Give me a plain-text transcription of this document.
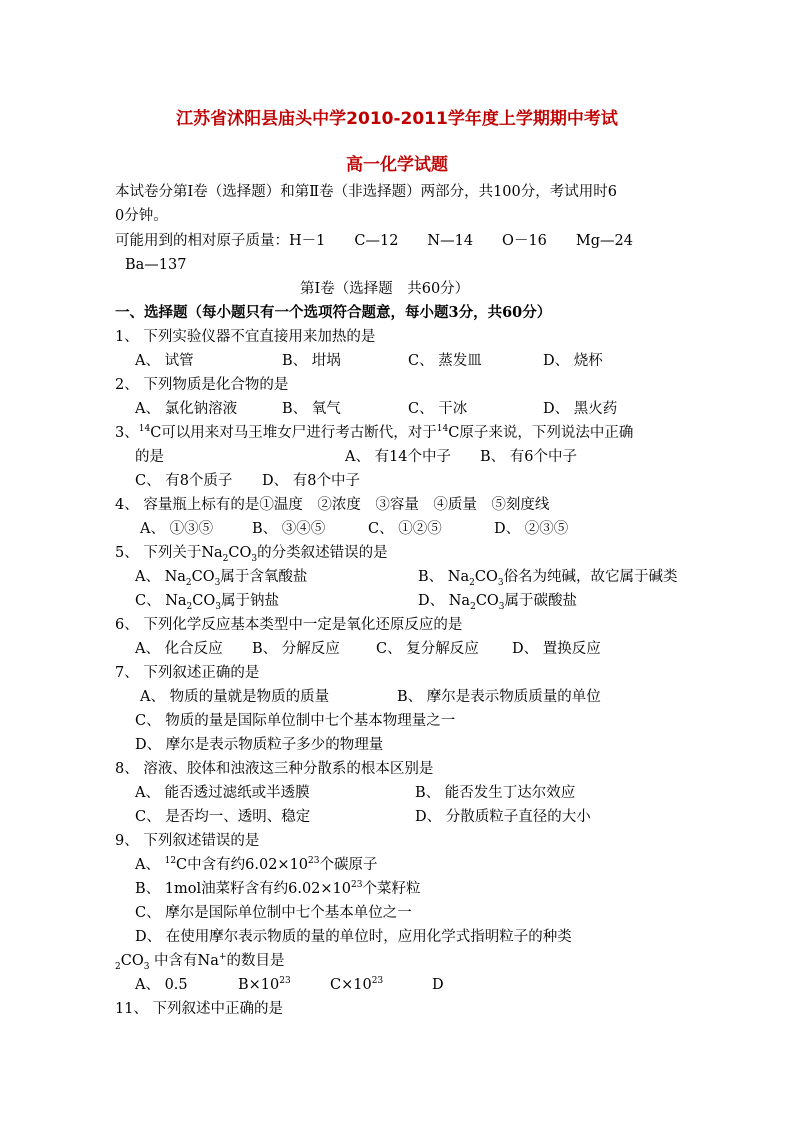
江苏省沭阳县庙头中学2010-2011学年度上学期期中考试
高一化学试题
本试卷分第Ⅰ卷（选择题）和第Ⅱ卷（非选择题）两部分，共100分，考试用时6
0分钟。
可能用到的相对原子质量：H－1　　C—12　　N—14　　O－16　　Mg—24
Ba—137
第Ⅰ卷（选择题　共60分）
一、选择题（每小题只有一个选项符合题意，每小题3分，共60分）
1、 下列实验仪器不宜直接用来加热的是
A、 试管	B、 坩埚	C、 蒸发皿	D、 烧杯
2、 下列物质是化合物的是
A、 氯化钠溶液	B、 氧气	C、 干冰	D、 黑火药
3、$^{14}$C可以用来对马王堆女尸进行考古断代，对于$^{14}$C原子来说，下列说法中正确
的是	A、 有14个中子 B、 有6个中子
C、 有8个质子 D、 有8个中子
4、 容量瓶上标有的是①温度　②浓度　③容量　④质量　⑤刻度线
A、 ①③⑤	B、 ③④⑤	C、 ①②⑤	D、 ②③⑤
5、 下列关于$Na_2CO_3$的分类叙述错误的是
A、 $Na_2CO_3$属于含氧酸盐	B、 $Na_2CO_3$俗名为纯碱，故它属于碱类
C、 $Na_2CO_3$属于钠盐	D、 $Na_2CO_3$属于碳酸盐
6、 下列化学反应基本类型中一定是氧化还原反应的是
A、 化合反应 B、 分解反应 C、 复分解反应 D、 置换反应
7、 下列叙述正确的是
A、 物质的量就是物质的质量	B、 摩尔是表示物质质量的单位
C、 物质的量是国际单位制中七个基本物理量之一
D、 摩尔是表示物质粒子多少的物理量
8、 溶液、胶体和浊液这三种分散系的根本区别是
A、 能否透过滤纸或半透膜	B、 能否发生丁达尔效应
C、 是否均一、透明、稳定	D、 分散质粒子直径的大小
9、 下列叙述错误的是
A、 $^{12}$C中含有约$6.02\times 10^{23}$个碳原子
B、 1mol油菜籽含有约$6.02\times 10^{23}$个菜籽粒
C、 摩尔是国际单位制中七个基本单位之一
D、 在使用摩尔表示物质的量的单位时，应用化学式指明粒子的种类
$_2CO_3$ 中含有Na+的数目是
A、 0.5	$B\times 10^{23}$	$C\times 10^{23}$	D
11、 下列叙述中正确的是
